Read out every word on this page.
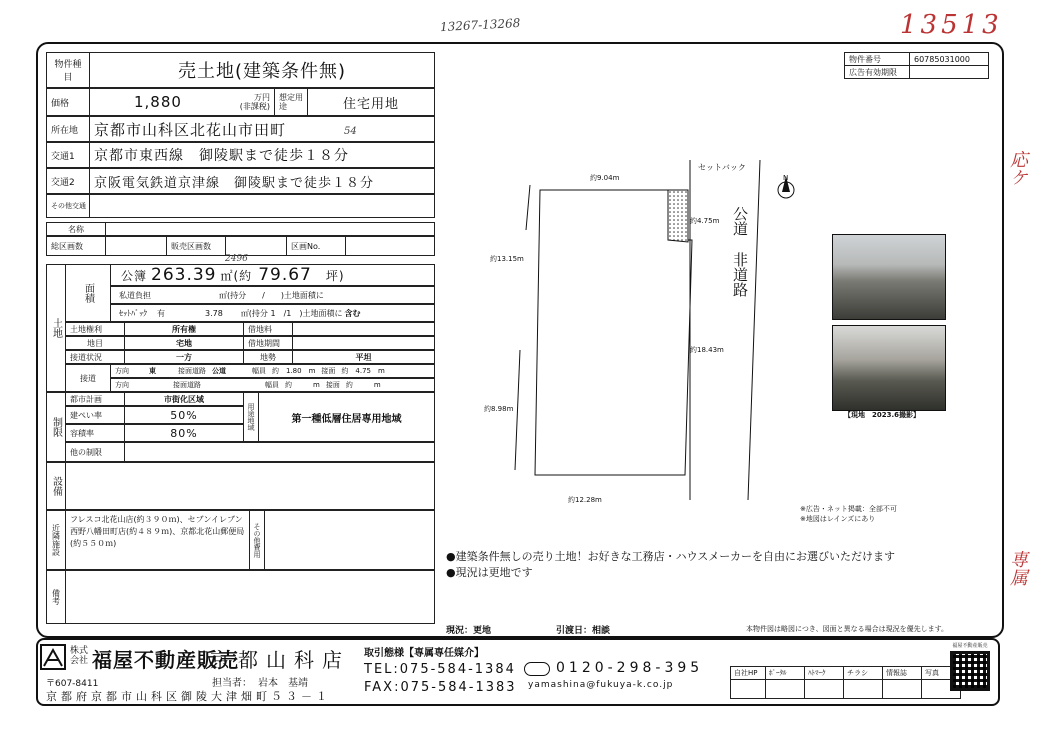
13267-13268	13513
応ケ
専属
物件種目	売土地(建築条件無)
価格	1,880	万円
(非課税)
想定用途	住宅用地
所在地	京都市山科区北花山市田町	54
交通1	京都市東西線　御陵駅まで徒歩１８分
交通2	京阪電気鉄道京津線　御陵駅まで徒歩１８分
その他交通
名称
総区画数	販売区画数	区画No.
2496
土地
面積
公簿 263.39 ㎡(約 79.67 坪)
私道負担	㎡(持分　　/　　)土地面積に
ｾｯﾄﾊﾞｯｸ 有	3.78 ㎡(持分 1　/1　)土地面積に 含む
土地権利	所有権	借地料
地目	宅地	借地期間
接道状況	一方	地勢	平坦
接道
方向	東	接面道路 公道	幅員 約　1.80　m 接面 約　4.75　m
方向	接面道路	幅員 約　　　m 接面 約　　　m
制限
都市計画	市街化区域
建ぺい率	50%
容積率	80%
他の制限
用途地域	第一種低層住居専用地域
設備
近隣施設
フレスコ北花山店(約３９０ｍ)、セブンイレブン西野八幡田町店(約４８９ｍ)、京都北花山郵便局(約５５０ｍ)	その他費用
備考
物件番号	60785031000
広告有効期限
セットバック
約9.04m
約4.75m
約13.15m
約18.43m
約8.98m
約12.28m
公道
非道路
N
【現地　2023.6撮影】
※広告・ネット掲載：全部不可
※地図はレインズにあり
●建築条件無しの売り土地！お好きな工務店・ハウスメーカーを自由にお選びいただけます
●現況は更地です
現況：更地	引渡日：相談	本物件図は略図につき、図面と異なる場合は現況を優先します。
株式会社 福屋不動産販売
京都山科店
〒607-8411
京都府京都市山科区御陵大津畑町５３－１
担当者： 岩本　基靖
取引態様【専属専任媒介】
TEL:075-584-1384
FAX:075-584-1383
0120-298-395
yamashina@fukuya-k.co.jp
自社HP	ﾎﾟｰﾀﾙ	ﾊﾄﾏｰｸ	チラシ	情報誌	写真

福屋不動産販売
